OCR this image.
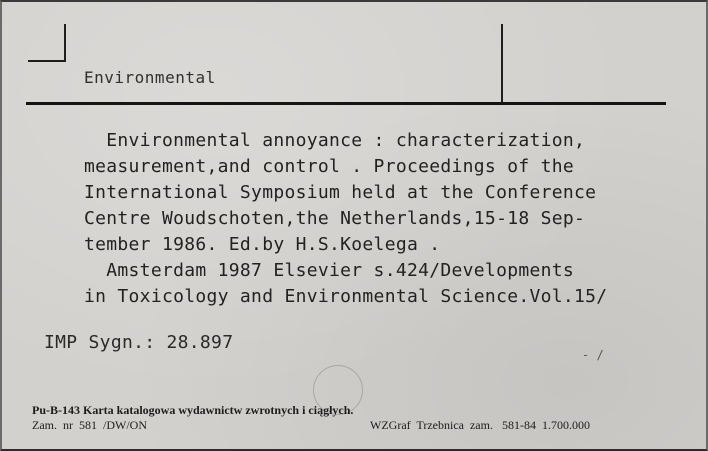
Environmental
Environmental annoyance : characterization,
measurement,and control . Proceedings of the
International Symposium held at the Conference
Centre Woudschoten,the Netherlands,15-18 Sep-
tember 1986. Ed.by H.S.Koelega .
Amsterdam 1987 Elsevier s.424/Developments
in Toxicology and Environmental Science.Vol.15/
IMP Sygn.: 28.897
- /
Pu-B-143 Karta katalogowa wydawnictw zwrotnych i ciągłych.
Zam.  nr  581  /DW/ON	WZGraf  Trzebnica  zam.   581-84  1.700.000
